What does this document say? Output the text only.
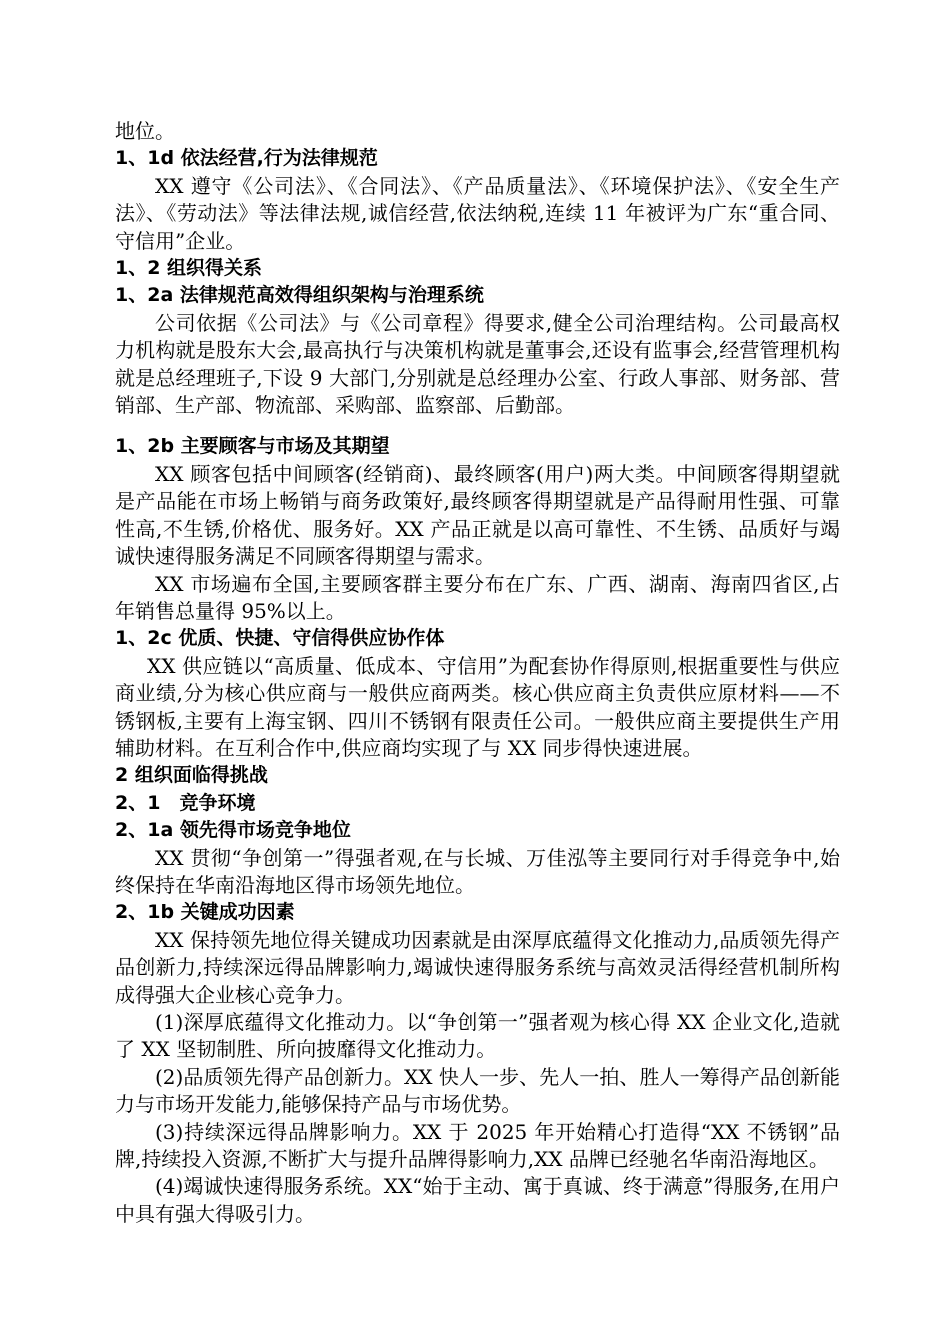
地位。

1、1d 依法经营,行为法律规范

XX 遵守《公司法》、《合同法》、《产品质量法》、《环境保护法》、《安全生产法》、《劳动法》等法律法规,诚信经营,依法纳税,连续 11 年被评为广东“重合同、守信用”企业。

1、2 组织得关系

1、2a 法律规范高效得组织架构与治理系统

公司依据《公司法》与《公司章程》得要求,健全公司治理结构。公司最高权力机构就是股东大会,最高执行与决策机构就是董事会,还设有监事会,经营管理机构就是总经理班子,下设 9 大部门,分别就是总经理办公室、行政人事部、财务部、营销部、生产部、物流部、采购部、监察部、后勤部。

1、2b 主要顾客与市场及其期望

XX 顾客包括中间顾客(经销商)、最终顾客(用户)两大类。中间顾客得期望就是产品能在市场上畅销与商务政策好,最终顾客得期望就是产品得耐用性强、可靠性高,不生锈,价格优、服务好。XX 产品正就是以高可靠性、不生锈、品质好与竭诚快速得服务满足不同顾客得期望与需求。

XX 市场遍布全国,主要顾客群主要分布在广东、广西、湖南、海南四省区,占年销售总量得 95%以上。

1、2c 优质、快捷、守信得供应协作体

XX 供应链以“高质量、低成本、守信用”为配套协作得原则,根据重要性与供应商业绩,分为核心供应商与一般供应商两类。核心供应商主负责供应原材料——不锈钢板,主要有上海宝钢、四川不锈钢有限责任公司。一般供应商主要提供生产用辅助材料。在互利合作中,供应商均实现了与 XX 同步得快速进展。

2 组织面临得挑战

2、1　竞争环境

2、1a 领先得市场竞争地位

XX 贯彻“争创第一”得强者观,在与长城、万佳泓等主要同行对手得竞争中,始终保持在华南沿海地区得市场领先地位。

2、1b 关键成功因素

XX 保持领先地位得关键成功因素就是由深厚底蕴得文化推动力,品质领先得产品创新力,持续深远得品牌影响力,竭诚快速得服务系统与高效灵活得经营机制所构成得强大企业核心竞争力。

(1)深厚底蕴得文化推动力。以“争创第一”强者观为核心得 XX 企业文化,造就了 XX 坚韧制胜、所向披靡得文化推动力。

(2)品质领先得产品创新力。XX 快人一步、先人一拍、胜人一筹得产品创新能力与市场开发能力,能够保持产品与市场优势。

(3)持续深远得品牌影响力。XX 于 2025 年开始精心打造得“XX 不锈钢”品牌,持续投入资源,不断扩大与提升品牌得影响力,XX 品牌已经驰名华南沿海地区。

(4)竭诚快速得服务系统。XX“始于主动、寓于真诚、终于满意”得服务,在用户中具有强大得吸引力。
